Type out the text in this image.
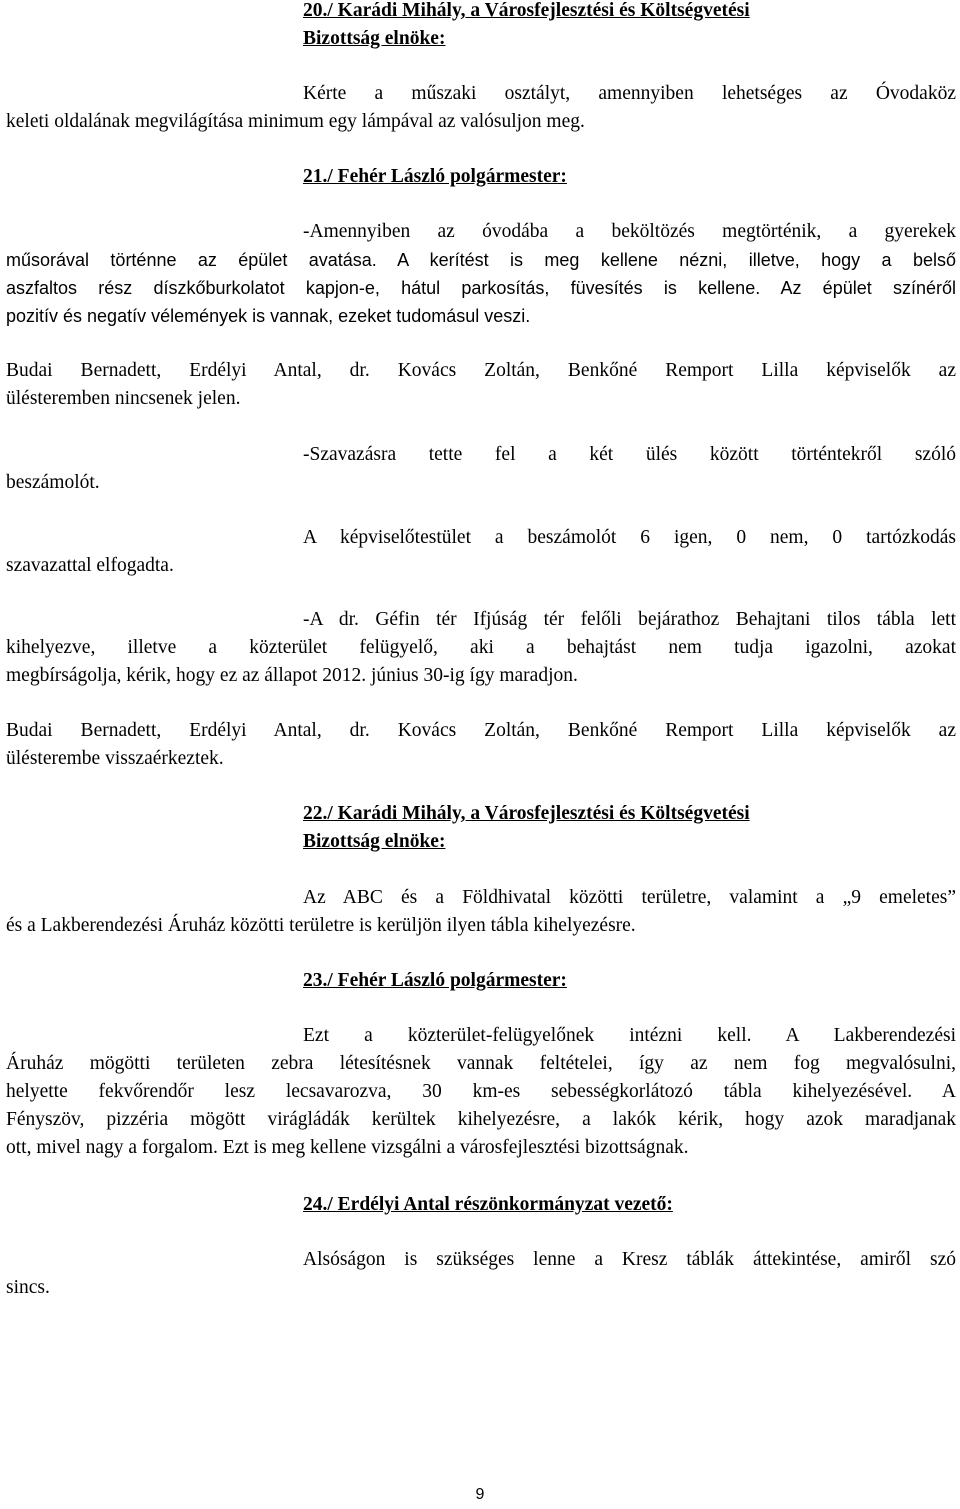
20./ Karádi Mihály, a Városfejlesztési és Költségvetési

Bizottság elnöke:

Kérte a műszaki osztályt, amennyiben lehetséges az Óvodaköz

keleti oldalának megvilágítása minimum egy lámpával az valósuljon meg.

21./ Fehér László polgármester:

-Amennyiben az óvodába a beköltözés megtörténik, a gyerekek

műsorával történne az épület avatása. A kerítést is meg kellene nézni, illetve, hogy a belső

aszfaltos rész díszkőburkolatot kapjon-e, hátul parkosítás, füvesítés is kellene. Az épület színéről

pozitív és negatív vélemények is vannak, ezeket tudomásul veszi.

Budai Bernadett, Erdélyi Antal, dr. Kovács Zoltán, Benkőné Remport Lilla képviselők az

ülésteremben nincsenek jelen.

-Szavazásra tette fel a két ülés között történtekről szóló

beszámolót.

A képviselőtestület a beszámolót 6 igen, 0 nem, 0 tartózkodás

szavazattal elfogadta.

-A dr. Géfin tér Ifjúság tér felőli bejárathoz Behajtani tilos tábla lett

kihelyezve, illetve a közterület felügyelő, aki a behajtást nem tudja igazolni, azokat

megbírságolja, kérik, hogy ez az állapot 2012. június 30-ig így maradjon.

Budai Bernadett, Erdélyi Antal, dr. Kovács Zoltán, Benkőné Remport Lilla képviselők az

ülésterembe visszaérkeztek.

22./ Karádi Mihály, a Városfejlesztési és Költségvetési

Bizottság elnöke:

Az ABC és a Földhivatal közötti területre, valamint a „9 emeletes”

és a Lakberendezési Áruház közötti területre is kerüljön ilyen tábla kihelyezésre.

23./ Fehér László polgármester:

Ezt a közterület-felügyelőnek intézni kell. A Lakberendezési

Áruház mögötti területen zebra létesítésnek vannak feltételei, így az nem fog megvalósulni,

helyette fekvőrendőr lesz lecsavarozva, 30 km-es sebességkorlátozó tábla kihelyezésével. A

Fényszöv, pizzéria mögött virágládák kerültek kihelyezésre, a lakók kérik, hogy azok maradjanak

ott, mivel nagy a forgalom. Ezt is meg kellene vizsgálni a városfejlesztési bizottságnak.

24./ Erdélyi Antal részönkormányzat vezető:

Alsóságon is szükséges lenne a Kresz táblák áttekintése, amiről szó

sincs.

9
